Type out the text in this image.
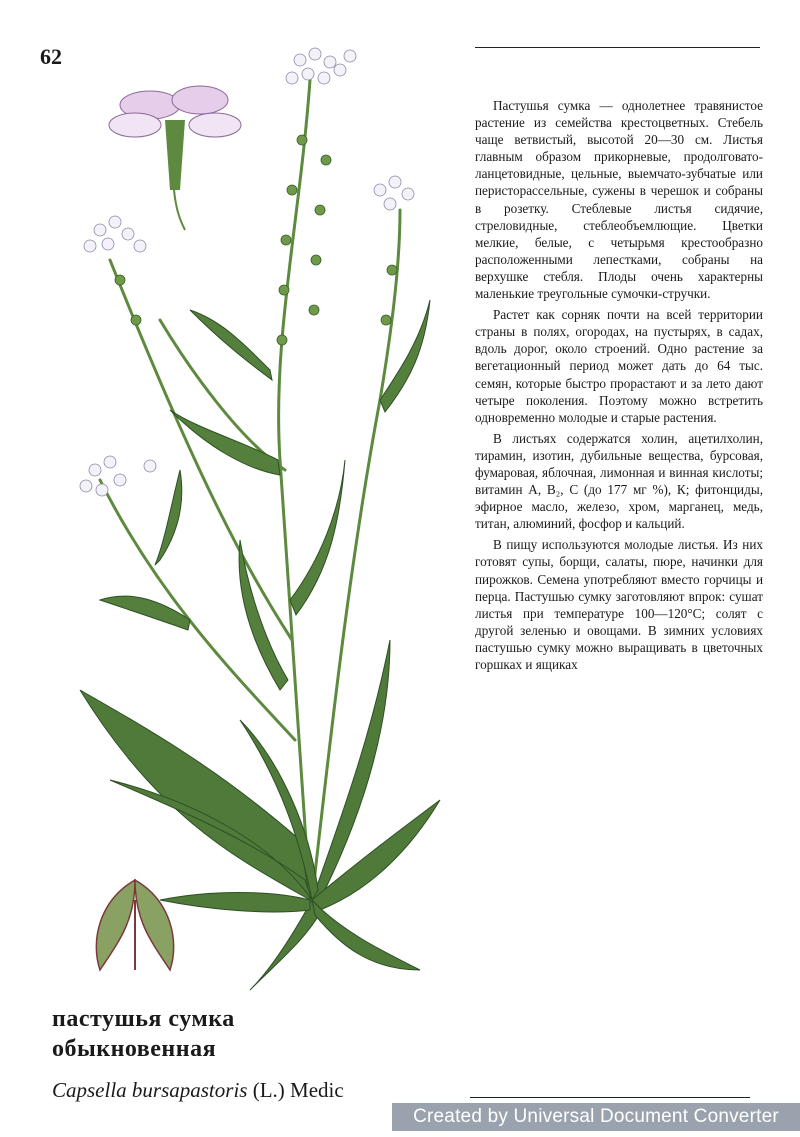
62

Пастушья сумка — однолетнее травянистое растение из семейства крестоцветных. Стебель чаще ветвистый, высотой 20—30 см. Листья главным образом прикорневые, продолговато-ланцетовидные, цельные, выемчато-зубчатые или перисторассельные, сужены в черешок и собраны в розетку. Стеблевые листья сидячие, стреловидные, стеблеобъемлющие. Цветки мелкие, белые, с четырьмя крестообразно расположенными лепестками, собраны на верхушке стебля. Плоды очень характерны маленькие треугольные сумочки-стручки.

Растет как сорняк почти на всей территории страны в полях, огородах, на пустырях, в садах, вдоль дорог, около строений. Одно растение за вегетационный период может дать до 64 тыс. семян, которые быстро прорастают и за лето дают четыре поколения. Поэтому можно встретить одновременно молодые и старые растения.

В листьях содержатся холин, ацетилхолин, тирамин, изотин, дубильные вещества, бурсовая, фумаровая, яблочная, лимонная и винная кислоты; витамин А, В₂, С (до 177 мг %), К; фитонциды, эфирное масло, железо, хром, марганец, медь, титан, алюминий, фосфор и кальций.

В пищу используются молодые листья. Из них готовят супы, борщи, салаты, пюре, начинки для пирожков. Семена употребляют вместо горчицы и перца. Пастушью сумку заготовляют впрок: сушат листья при температуре 100—120°C; солят с другой зеленью и овощами. В зимних условиях пастушью сумку можно выращивать в цветочных горшках и ящиках

пастушья сумка
обыкновенная
Capsella bursapastoris (L.) Medic
Created by Universal Document Converter
